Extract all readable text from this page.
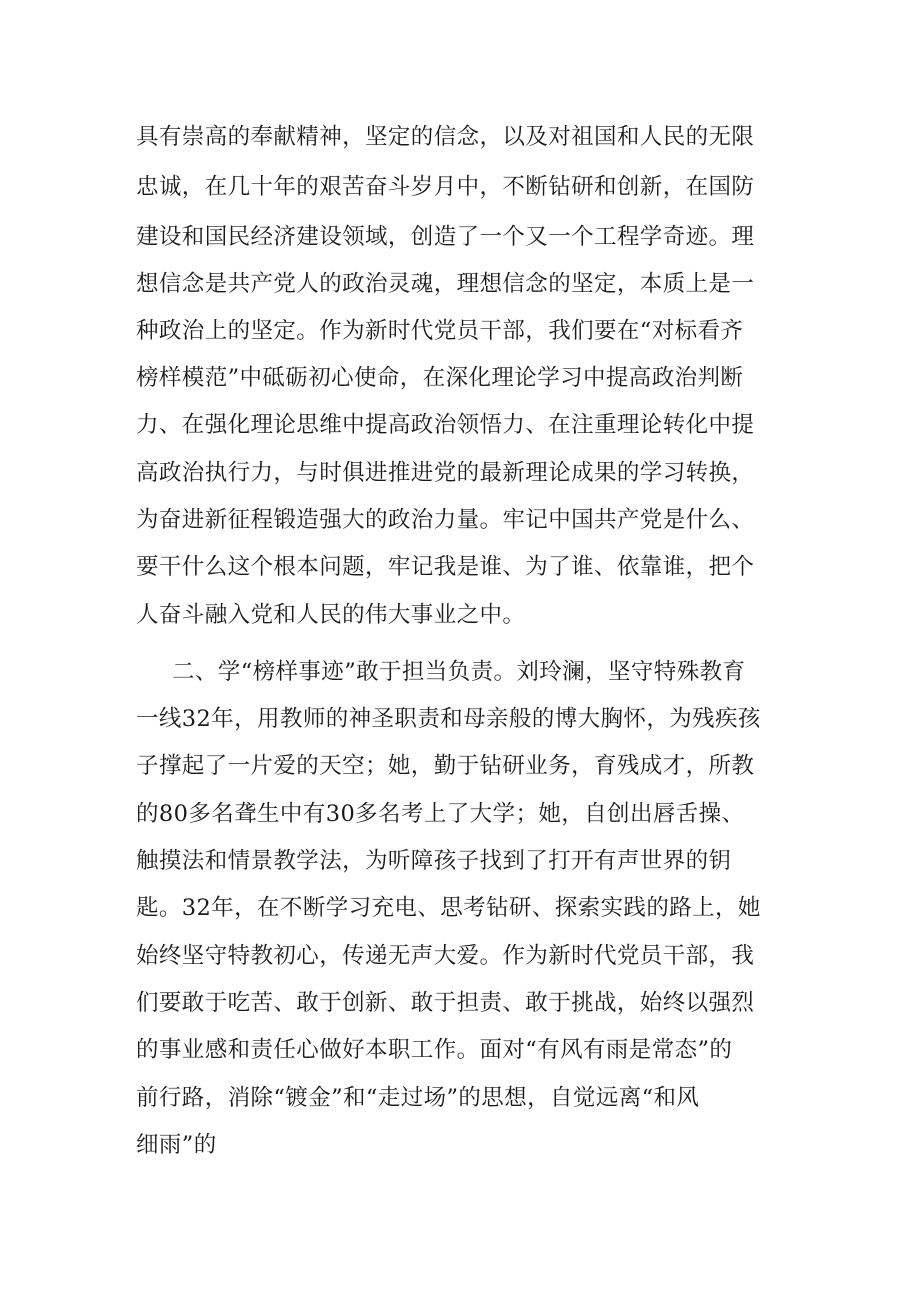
具有崇高的奉献精神，坚定的信念，以及对祖国和人民的无限
忠诚，在几十年的艰苦奋斗岁月中，不断钻研和创新，在国防
建设和国民经济建设领域，创造了一个又一个工程学奇迹。理
想信念是共产党人的政治灵魂，理想信念的坚定，本质上是一
种政治上的坚定。作为新时代党员干部，我们要在“对标看齐
榜样模范”中砥砺初心使命，在深化理论学习中提高政治判断
力、在强化理论思维中提高政治领悟力、在注重理论转化中提
高政治执行力，与时俱进推进党的最新理论成果的学习转换，
为奋进新征程锻造强大的政治力量。牢记中国共产党是什么、
要干什么这个根本问题，牢记我是谁、为了谁、依靠谁，把个
人奋斗融入党和人民的伟大事业之中。
二、学“榜样事迹”敢于担当负责。刘玲澜，坚守特殊教育
一线32年，用教师的神圣职责和母亲般的博大胸怀，为残疾孩
子撑起了一片爱的天空；她，勤于钻研业务，育残成才，所教
的80多名聋生中有30多名考上了大学；她，自创出唇舌操、
触摸法和情景教学法，为听障孩子找到了打开有声世界的钥
匙。32年，在不断学习充电、思考钻研、探索实践的路上，她
始终坚守特教初心，传递无声大爱。作为新时代党员干部，我
们要敢于吃苦、敢于创新、敢于担责、敢于挑战，始终以强烈
的事业感和责任心做好本职工作。面对“有风有雨是常态”的
前行路，消除“镀金”和“走过场”的思想，自觉远离“和风
细雨”的
